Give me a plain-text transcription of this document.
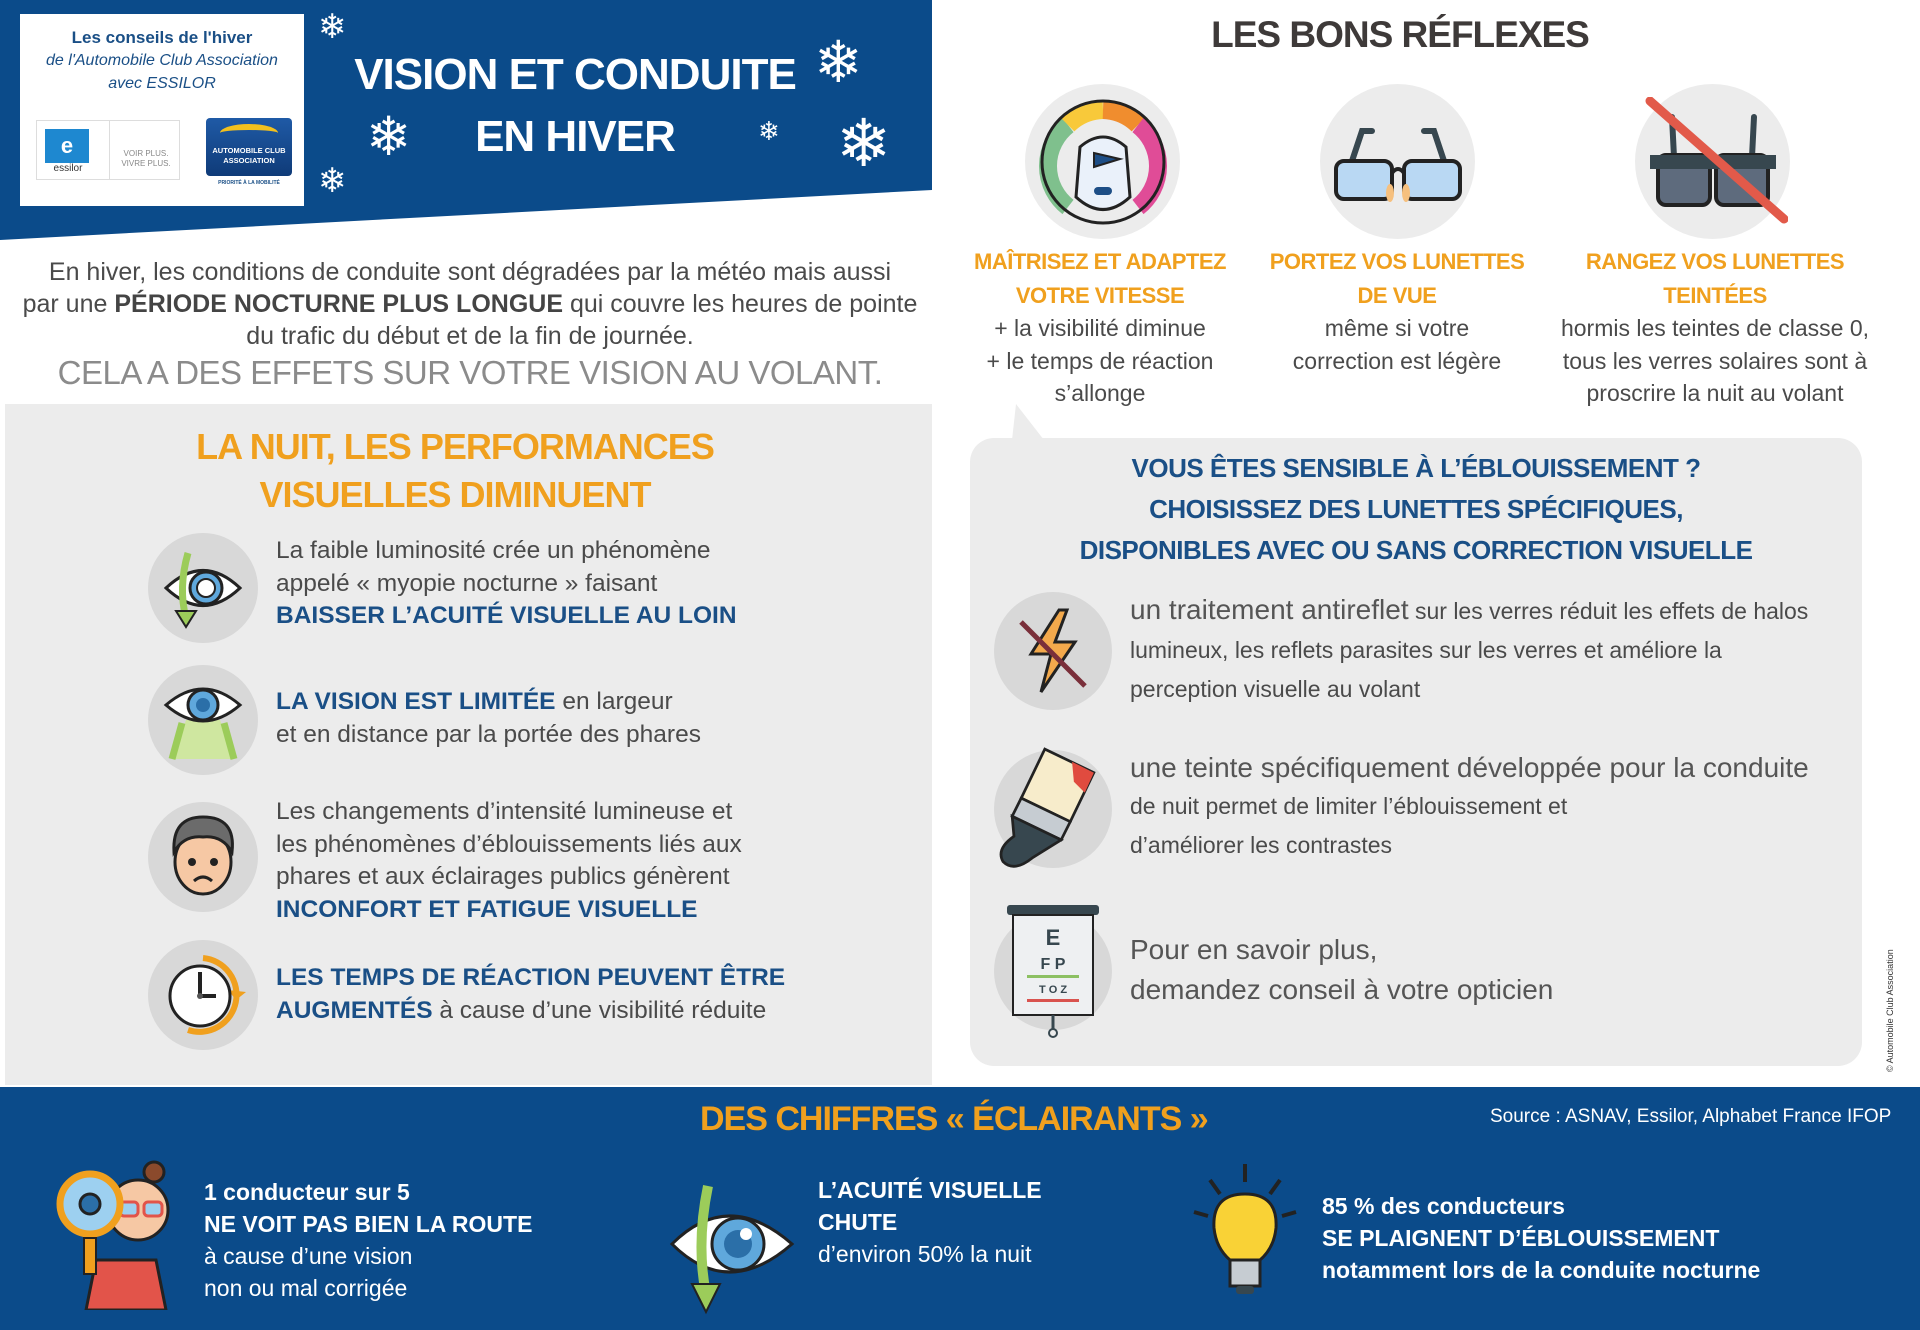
Les conseils de l'hiver
de l'Automobile Club Association
avec ESSILOR
e
essilor
VOIR PLUS.
VIVRE PLUS.
AUTOMOBILE CLUB
ASSOCIATION
PRIORITÉ À LA MOBILITÉ
VISION ET CONDUITE
EN HIVER
❄
❄
❄	❄
❄
❄
En hiver, les conditions de conduite sont dégradées par la météo mais aussi
par une PÉRIODE NOCTURNE PLUS LONGUE qui couvre les heures de pointe
du trafic du début et de la fin de journée.
CELA A DES EFFETS SUR VOTRE VISION AU VOLANT.
LA NUIT, LES PERFORMANCES
VISUELLES DIMINUENT
La faible luminosité crée un phénomène
appelé « myopie nocturne » faisant
BAISSER L’ACUITÉ VISUELLE AU LOIN
LA VISION EST LIMITÉE en largeur
et en distance par la portée des phares
Les changements d’intensité lumineuse et
les phénomènes d’éblouissements liés aux
phares et aux éclairages publics génèrent
INCONFORT ET FATIGUE VISUELLE
LES TEMPS DE RÉACTION PEUVENT ÊTRE
AUGMENTÉS à cause d’une visibilité réduite
LES BONS RÉFLEXES
MAÎTRISEZ ET ADAPTEZ
VOTRE VITESSE
+ la visibilité diminue
+ le temps de réaction
s’allonge
PORTEZ VOS LUNETTES
DE VUE
même si votre
correction est légère
RANGEZ VOS LUNETTES
TEINTÉES
hormis les teintes de classe 0,
tous les verres solaires sont à
proscrire la nuit au volant
VOUS ÊTES SENSIBLE À L’ÉBLOUISSEMENT ?
CHOISISSEZ DES LUNETTES SPÉCIFIQUES,
DISPONIBLES AVEC OU SANS CORRECTION VISUELLE
un traitement antireflet sur les verres réduit les effets de halos
lumineux, les reflets parasites sur les verres et améliore la
perception visuelle au volant
une teinte spécifiquement développée pour la conduite
de nuit permet de limiter l’éblouissement et
d’améliorer les contrastes
E
F P
T O Z
Pour en savoir plus,
demandez conseil à votre opticien	© Automobile Club Association
DES CHIFFRES « ÉCLAIRANTS »	Source : ASNAV, Essilor, Alphabet France IFOP
1 conducteur sur 5
NE VOIT PAS BIEN LA ROUTE
à cause d’une vision
non ou mal corrigée
L’ACUITÉ VISUELLE
CHUTE
d’environ 50% la nuit
85 % des conducteurs
SE PLAIGNENT D’ÉBLOUISSEMENT
notamment lors de la conduite nocturne
